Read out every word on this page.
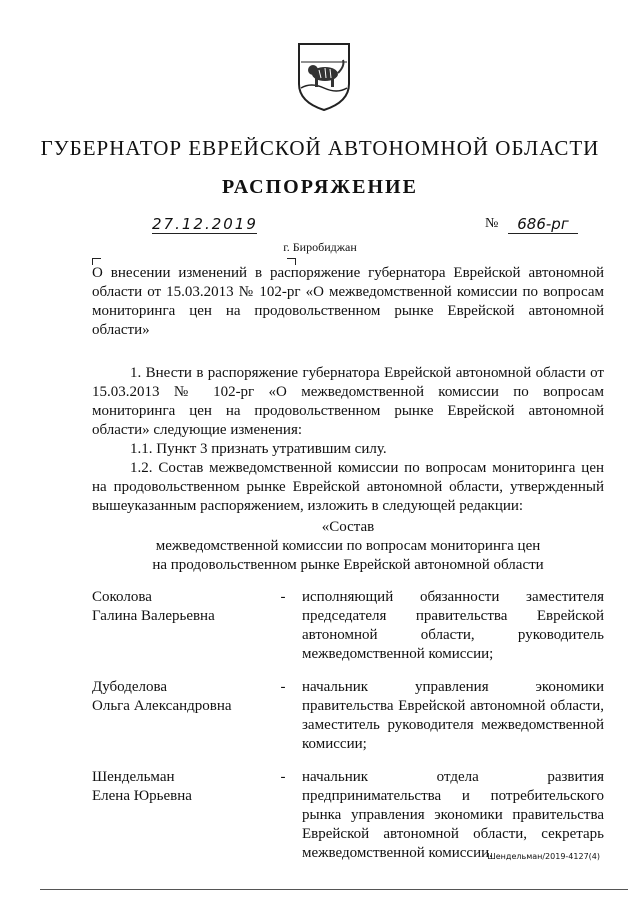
ГУБЕРНАТОР ЕВРЕЙСКОЙ АВТОНОМНОЙ ОБЛАСТИ
РАСПОРЯЖЕНИЕ
27.12.2019	№	686-рг
г. Биробиджан
О внесении изменений в распоряжение губернатора Еврейской автономной области от 15.03.2013 № 102-рг «О межведомственной комиссии по вопросам мониторинга цен на продовольственном рынке Еврейской автономной области»

1. Внести в распоряжение губернатора Еврейской автономной области от 15.03.2013 № 102-рг «О межведомственной комиссии по вопросам мониторинга цен на продовольственном рынке Еврейской автономной области» следующие изменения:

1.1. Пункт 3 признать утратившим силу.

1.2. Состав межведомственной комиссии по вопросам мониторинга цен на продовольственном рынке Еврейской автономной области, утвержденный вышеуказанным распоряжением, изложить в следующей редакции:

«Состав
межведомственной комиссии по вопросам мониторинга цен
на продовольственном рынке Еврейской автономной области
Соколова
Галина Валерьевна
-	исполняющий обязанности заместителя председателя правительства Еврейской автономной области, руководитель межведомственной комиссии;
Дубоделова
Ольга Александровна
-	начальник управления экономики правительства Еврейской автономной области, заместитель руководителя межведомственной комиссии;
Шендельман
Елена Юрьевна
-	начальник отдела развития предпринимательства и потребительского рынка управления экономики правительства Еврейской автономной области, секретарь межведомственной комиссии.
Шендельман/2019-4127(4)
